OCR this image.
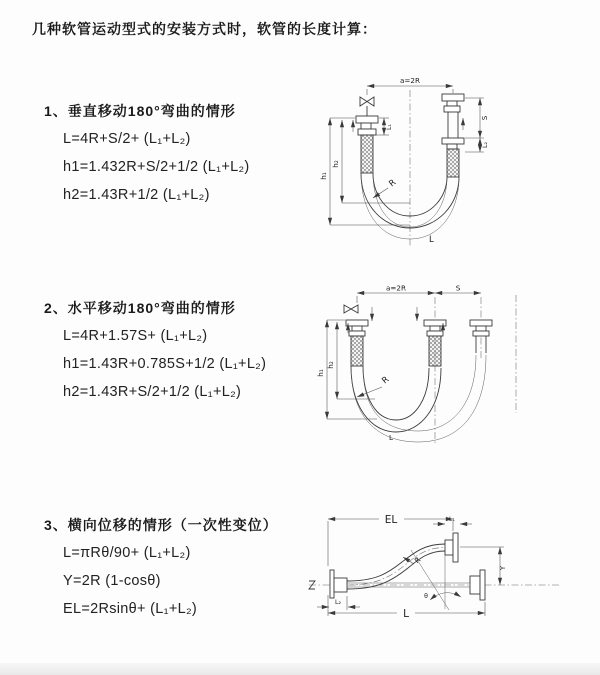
几种软管运动型式的安装方式时，软管的长度计算：

1、垂直移动180°弯曲的情形

L=4R+S/2+ (L₁+L₂)

h1=1.432R+S/2+1/2 (L₁+L₂)

h2=1.43R+1/2 (L₁+L₂)

2、水平移动180°弯曲的情形

L=4R+1.57S+ (L₁+L₂)

h1=1.43R+0.785S+1/2 (L₁+L₂)

h2=1.43R+S/2+1/2 (L₁+L₂)

3、横向位移的情形（一次性变位）

L=πRθ/90+ (L₁+L₂)

Y=2R (1-cosθ)

EL=2Rsinθ+ (L₁+L₂)

a=2R
h₁
h₂
L₁
S
L₂
R
L
a=2R	S
h₁
h₂
R
L
θ
EL	L₁
Y
R
L
L₂
